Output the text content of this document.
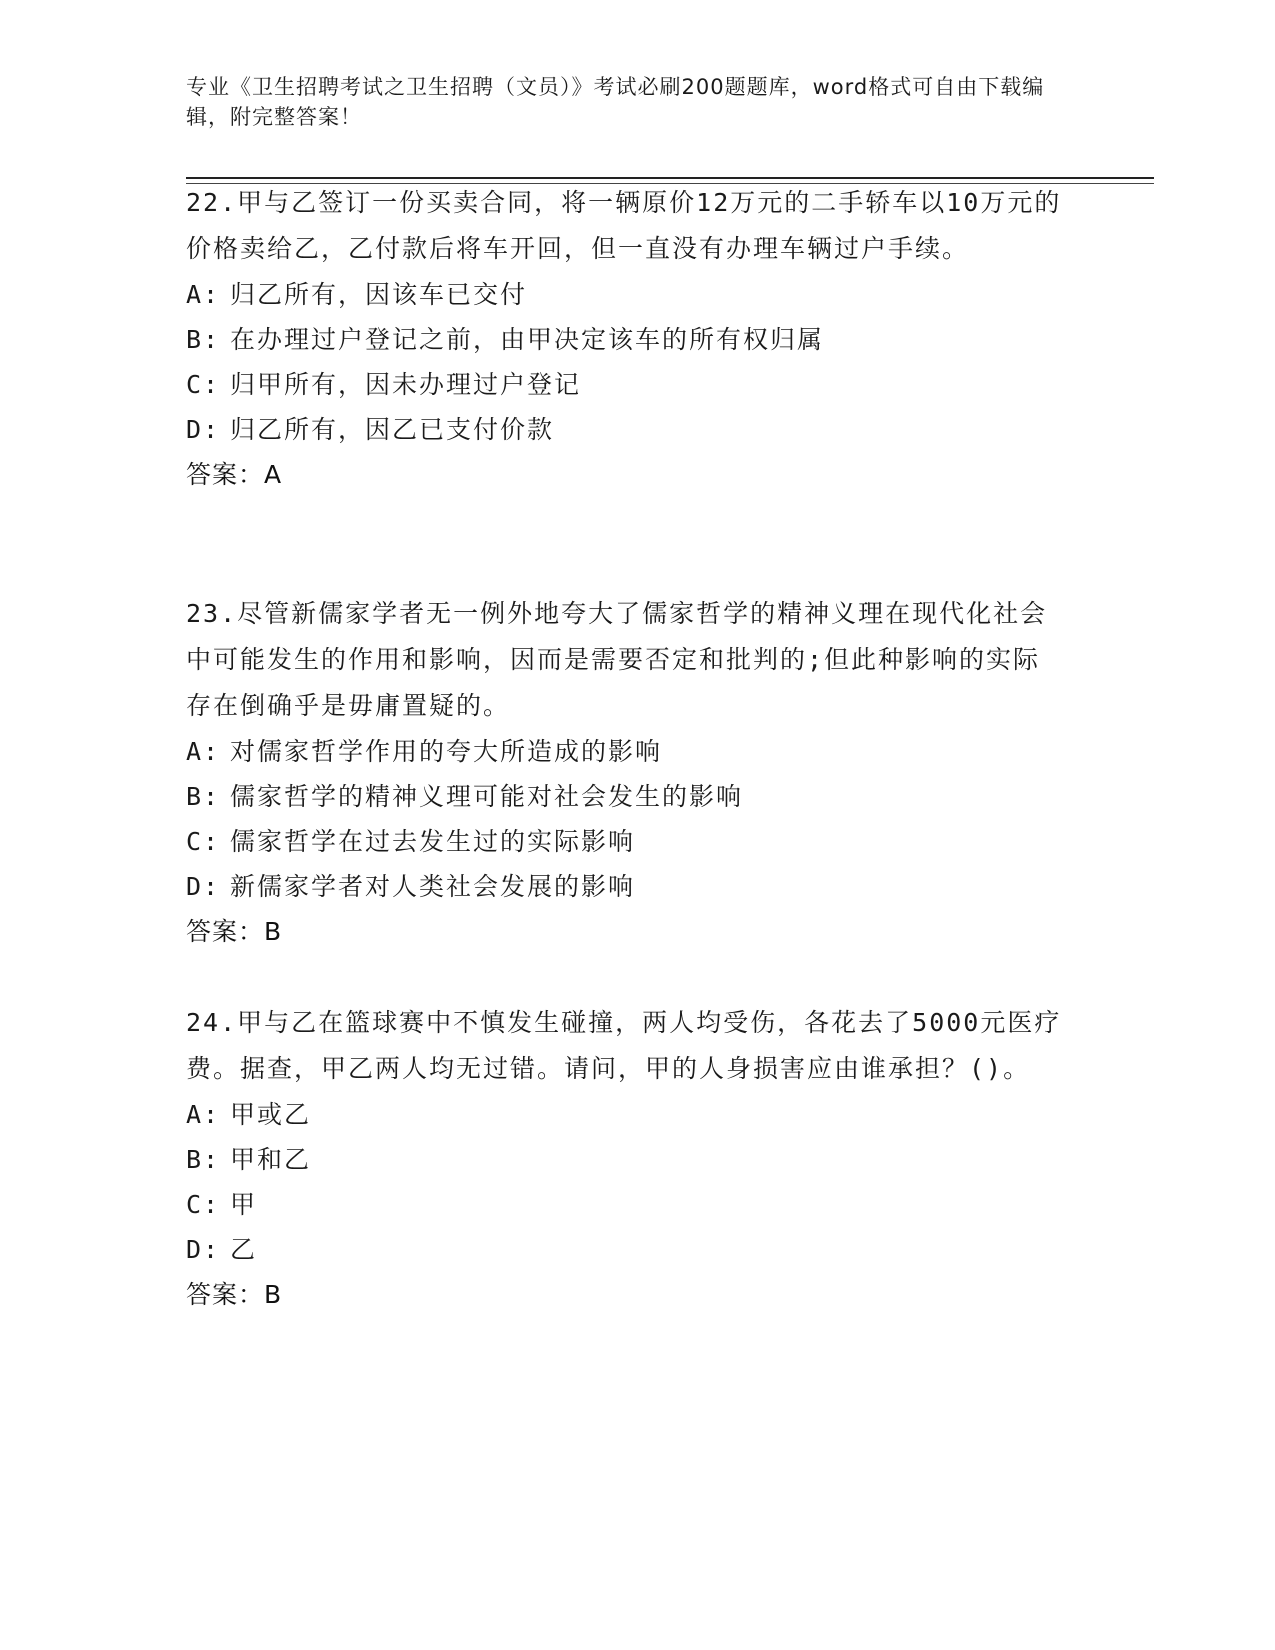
专业《卫生招聘考试之卫生招聘（文员）》考试必刷200题题库，word格式可自由下载编辑，附完整答案！

22.甲与乙签订一份买卖合同，将一辆原价12万元的二手轿车以10万元的价格卖给乙，乙付款后将车开回，但一直没有办理车辆过户手续。

A: 归乙所有，因该车已交付

B: 在办理过户登记之前，由甲决定该车的所有权归属

C: 归甲所有，因未办理过户登记

D: 归乙所有，因乙已支付价款

答案：A

23.尽管新儒家学者无一例外地夸大了儒家哲学的精神义理在现代化社会中可能发生的作用和影响，因而是需要否定和批判的;但此种影响的实际存在倒确乎是毋庸置疑的。

A: 对儒家哲学作用的夸大所造成的影响

B: 儒家哲学的精神义理可能对社会发生的影响

C: 儒家哲学在过去发生过的实际影响

D: 新儒家学者对人类社会发展的影响

答案：B

24.甲与乙在篮球赛中不慎发生碰撞，两人均受伤，各花去了5000元医疗费。据查，甲乙两人均无过错。请问，甲的人身损害应由谁承担？()。

A: 甲或乙

B: 甲和乙

C: 甲

D: 乙

答案：B
